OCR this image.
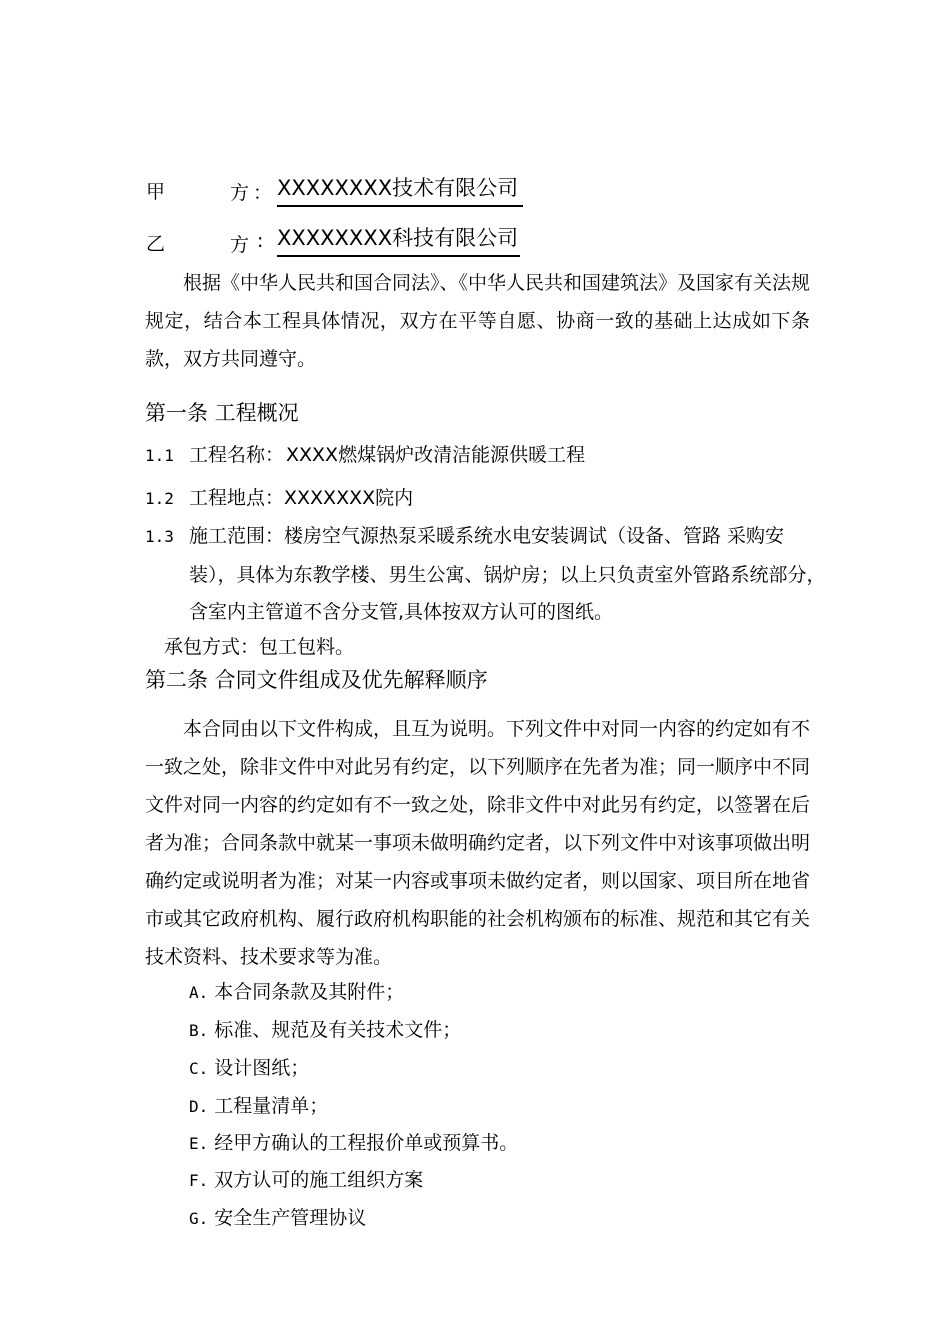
甲	方 ： XXXXXXXX技术有限公司
乙	方 : XXXXXXXX科技有限公司

根据《中华人民共和国合同法》、《中华人民共和国建筑法》及国家有关法规规定，结合本工程具体情况，双方在平等自愿、协商一致的基础上达成如下条款，双方共同遵守。

第一条 工程概况
1.1 工程名称： XXXX燃煤锅炉改清洁能源供暖工程
1.2 工程地点： XXXXXXX院内
1.3 施工范围： 楼房空气源热泵采暖系统水电安装调试（设备、管路 采购安
装），具体为东教学楼、男生公寓、锅炉房；以上只负责室外管路系统部分，
含室内主管道不含分支管,具体按双方认可的图纸。
承包方式：包工包料。
第二条 合同文件组成及优先解释顺序

本合同由以下文件构成，且互为说明。下列文件中对同一内容的约定如有不一致之处，除非文件中对此另有约定，以下列顺序在先者为准；同一顺序中不同文件对同一内容的约定如有不一致之处，除非文件中对此另有约定，以签署在后者为准；合同条款中就某一事项未做明确约定者，以下列文件中对该事项做出明确约定或说明者为准；对某一内容或事项未做约定者，则以国家、项目所在地省市或其它政府机构、履行政府机构职能的社会机构颁布的标准、规范和其它有关技术资料、技术要求等为准。

A. 本合同条款及其附件；
B. 标准、规范及有关技术文件；
C. 设计图纸；
D. 工程量清单；
E. 经甲方确认的工程报价单或预算书。
F. 双方认可的施工组织方案
G. 安全生产管理协议
